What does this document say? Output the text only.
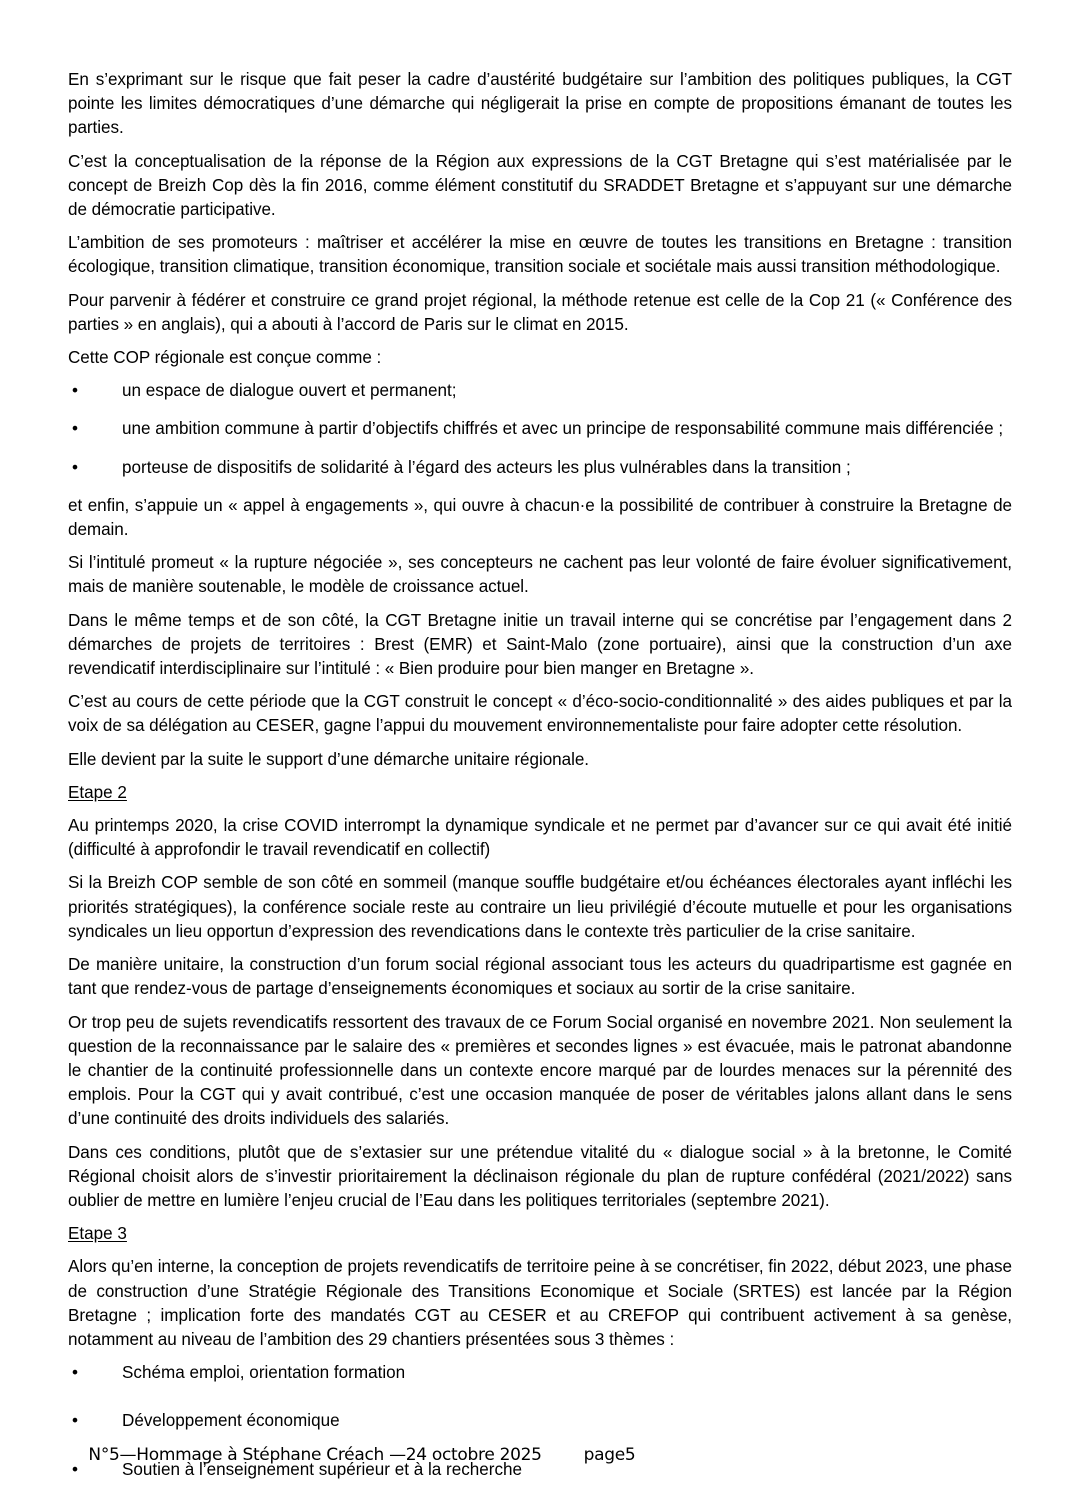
En s’exprimant sur le risque que fait peser la cadre d’austérité budgétaire sur l’ambition des politiques publiques, la CGT pointe les limites démocratiques d’une démarche qui négligerait la prise en compte de propositions émanant de toutes les parties.

C’est la conceptualisation de la réponse de la Région aux expressions de la CGT Bretagne qui s’est matérialisée par le concept de Breizh Cop dès la fin 2016, comme élément constitutif du SRADDET Bretagne et s’appuyant sur une démarche de démocratie participative.

L’ambition de ses promoteurs : maîtriser et accélérer la mise en œuvre de toutes les transitions en Bretagne : transition écologique, transition climatique, transition économique, transition sociale et sociétale mais aussi transition méthodologique.

Pour parvenir à fédérer et construire ce grand projet régional, la méthode retenue est celle de la Cop 21 (« Conférence des parties » en anglais), qui a abouti à l’accord de Paris sur le climat en 2015.

Cette COP régionale est conçue comme :

•	un espace de dialogue ouvert et permanent;
•	une ambition commune à partir d’objectifs chiffrés et avec un principe de responsabilité commune mais différenciée ;
•	porteuse de dispositifs de solidarité à l’égard des acteurs les plus vulnérables dans la transition ;

et enfin, s’appuie un « appel à engagements », qui ouvre à chacun·e la possibilité de contribuer à construire la Bretagne de demain.

Si l’intitulé promeut « la rupture négociée », ses concepteurs ne cachent pas leur volonté de faire évoluer significativement, mais de manière soutenable, le modèle de croissance actuel.

Dans le même temps et de son côté, la CGT Bretagne initie un travail interne qui se concrétise par l’engagement dans 2 démarches de projets de territoires : Brest (EMR) et Saint-Malo (zone portuaire), ainsi que la construction d’un axe revendicatif interdisciplinaire sur l’intitulé : « Bien produire pour bien manger en Bretagne ».

C’est au cours de cette période que la CGT construit le concept « d’éco-socio-conditionnalité » des aides publiques et par la voix de sa délégation au CESER, gagne l’appui du mouvement environnementaliste pour faire adopter cette résolution.

Elle devient par la suite le support d’une démarche unitaire régionale.

Etape 2

Au printemps 2020, la crise COVID interrompt la dynamique syndicale et ne permet par d’avancer sur ce qui avait été initié (difficulté à approfondir le travail revendicatif en collectif)

Si la Breizh COP semble de son côté en sommeil (manque souffle budgétaire et/ou échéances électorales ayant infléchi les priorités stratégiques), la conférence sociale reste au contraire un lieu privilégié d’écoute mutuelle et pour les organisations syndicales un lieu opportun d’expression des revendications dans le contexte très particulier de la crise sanitaire.

De manière unitaire, la construction d’un forum social régional associant tous les acteurs du quadripartisme est gagnée en tant que rendez-vous de partage d’enseignements économiques et sociaux au sortir de la crise sanitaire.

Or trop peu de sujets revendicatifs ressortent des travaux de ce Forum Social organisé en novembre 2021. Non seulement la question de la reconnaissance par le salaire des « premières et secondes lignes » est évacuée, mais le patronat abandonne le chantier de la continuité professionnelle dans un contexte encore marqué par de lourdes menaces sur la pérennité des emplois. Pour la CGT qui y avait contribué, c’est une occasion manquée de poser de véritables jalons allant dans le sens d’une continuité des droits individuels des salariés.

Dans ces conditions, plutôt que de s’extasier sur une prétendue vitalité du « dialogue social » à la bretonne, le Comité Régional choisit alors de s’investir prioritairement la déclinaison régionale du plan de rupture confédéral (2021/2022) sans oublier de mettre en lumière l’enjeu crucial de l’Eau dans les politiques territoriales (septembre 2021).

Etape 3

Alors qu’en interne, la conception de projets revendicatifs de territoire peine à se concrétiser, fin 2022, début 2023, une phase de construction d’une Stratégie Régionale des Transitions Economique et Sociale (SRTES) est lancée par la Région Bretagne ; implication forte des mandatés CGT au CESER et au CREFOP qui contribuent activement à sa genèse, notamment au niveau de l’ambition des 29 chantiers présentées sous 3 thèmes :

•	Schéma emploi, orientation formation
•	Développement économique
•	Soutien à l’enseignement supérieur et à la recherche

N°5—Hommage à Stéphane Créach —24 octobre 2025 page5
